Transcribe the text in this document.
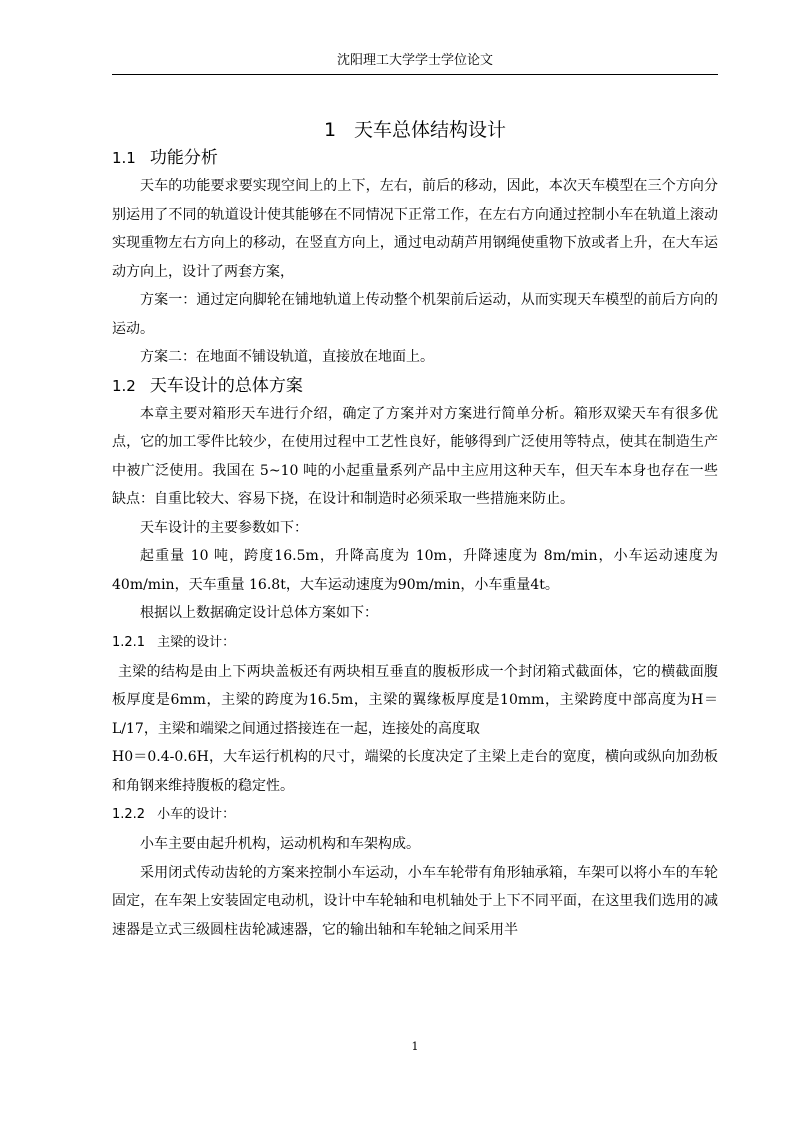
沈阳理工大学学士学位论文
1 天车总体结构设计
1.1 功能分析

天车的功能要求要实现空间上的上下，左右，前后的移动，因此，本次天车模型在三个方向分别运用了不同的轨道设计使其能够在不同情况下正常工作，在左右方向通过控制小车在轨道上滚动实现重物左右方向上的移动，在竖直方向上，通过电动葫芦用钢绳使重物下放或者上升，在大车运动方向上，设计了两套方案，

方案一：通过定向脚轮在铺地轨道上传动整个机架前后运动，从而实现天车模型的前后方向的运动。

方案二：在地面不铺设轨道，直接放在地面上。

1.2 天车设计的总体方案

本章主要对箱形天车进行介绍，确定了方案并对方案进行简单分析。箱形双梁天车有很多优点，它的加工零件比较少，在使用过程中工艺性良好，能够得到广泛使用等特点，使其在制造生产中被广泛使用。我国在 5~10 吨的小起重量系列产品中主应用这种天车，但天车本身也存在一些缺点：自重比较大、容易下挠，在设计和制造时必须采取一些措施来防止。

天车设计的主要参数如下：

起重量 10 吨，跨度16.5m，升降高度为 10m，升降速度为 8m/min，小车运动速度为 40m/min，天车重量 16.8t，大车运动速度为90m/min，小车重量4t。

根据以上数据确定设计总体方案如下：

1.2.1 主梁的设计：

主梁的结构是由上下两块盖板还有两块相互垂直的腹板形成一个封闭箱式截面体，它的横截面腹板厚度是6mm，主梁的跨度为16.5m，主梁的翼缘板厚度是10mm，主梁跨度中部高度为H＝L/17，主梁和端梁之间通过搭接连在一起，连接处的高度取

H0＝0.4-0.6H，大车运行机构的尺寸，端梁的长度决定了主梁上走台的宽度，横向或纵向加劲板和角钢来维持腹板的稳定性。

1.2.2 小车的设计：

小车主要由起升机构，运动机构和车架构成。

采用闭式传动齿轮的方案来控制小车运动，小车车轮带有角形轴承箱，车架可以将小车的车轮固定，在车架上安装固定电动机，设计中车轮轴和电机轴处于上下不同平面，在这里我们选用的减速器是立式三级圆柱齿轮减速器，它的输出轴和车轮轴之间采用半

1
